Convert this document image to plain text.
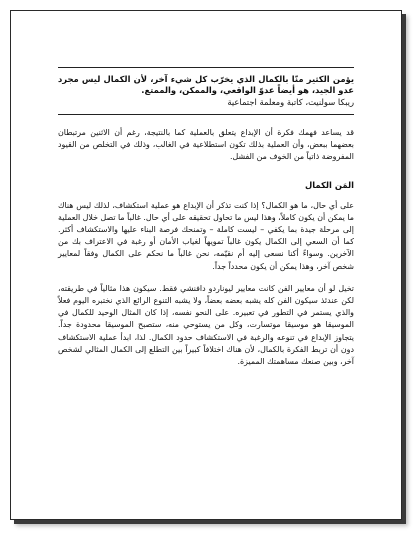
يؤمن الكثير منّا بالكمال الذي يخرّب كل شيء آخر، لأن الكمال ليس مجرد عدو الجيد، هو أيضاً عدوّ الواقعي، والممكن، والممتع.

ريبكا سولنيت، كاتبة ومعلمة اجتماعية

قد يساعد فهمك فكرة أن الإبداع يتعلق بالعملية كما بالنتيجة، رغم أن الاثنين مرتبطان بعضهما ببعض، وأن العملية بذلك تكون استطلاعية في الغالب، وذلك في التخلص من القيود المفروضة ذاتياً من الخوف من الفشل.

المَن الكمال

على أي حال، ما هو الكمال؟ إذا كنت تذكر أن الإبداع هو عملية استكشاف، لذلك ليس هناك ما يمكن أن يكون كاملاً، وهذا ليس ما تحاول تحقيقه على أي حال. غالباً ما تصل خلال العملية إلى مرحلة جيدة بما يكفي – ليست كاملة – وتمنحك فرصة البناء عليها والاستكشاف أكثر. كما أن السعي إلى الكمال يكون غالباً تمويهاً لغياب الأمان أو رغبة في الاعتراف بك من الآخرين. وسواءً أكنا نسعى إليه أم نقيّمه، نحن غالباً ما نحكم على الكمال وفقاً لمعايير شخص آخر، وهذا يمكن أن يكون محدداً جداً.

تخيل لو أن معايير الفن كانت معايير ليوناردو دافنشي فقط. سيكون هذا مثالياً في طريقته، لكن عندئذ سيكون الفن كله يشبه بعضه بعضاً، ولا يشبه التنوع الرائع الذي نختبره اليوم فعلاً والذي يستمر في التطور في تعبيره. على النحو نفسه، إذا كان المثال الوحيد للكمال في الموسيقا هو موسيقا موتسارت، وكل من يستوحي منه، ستصبح الموسيقا محدودة جداً. يتجاوز الإبداع في تنوعه والرغبة في الاستكشاف حدود الكمال. لذا، ابدأ عملية الاستكشاف دون أن تربط الفكرة بالكمال، لأن هناك اختلافاً كبيراً بين التطلع إلى الكمال المثالي لشخص آخر، وبين صنعك مساهمتك المميزة.
